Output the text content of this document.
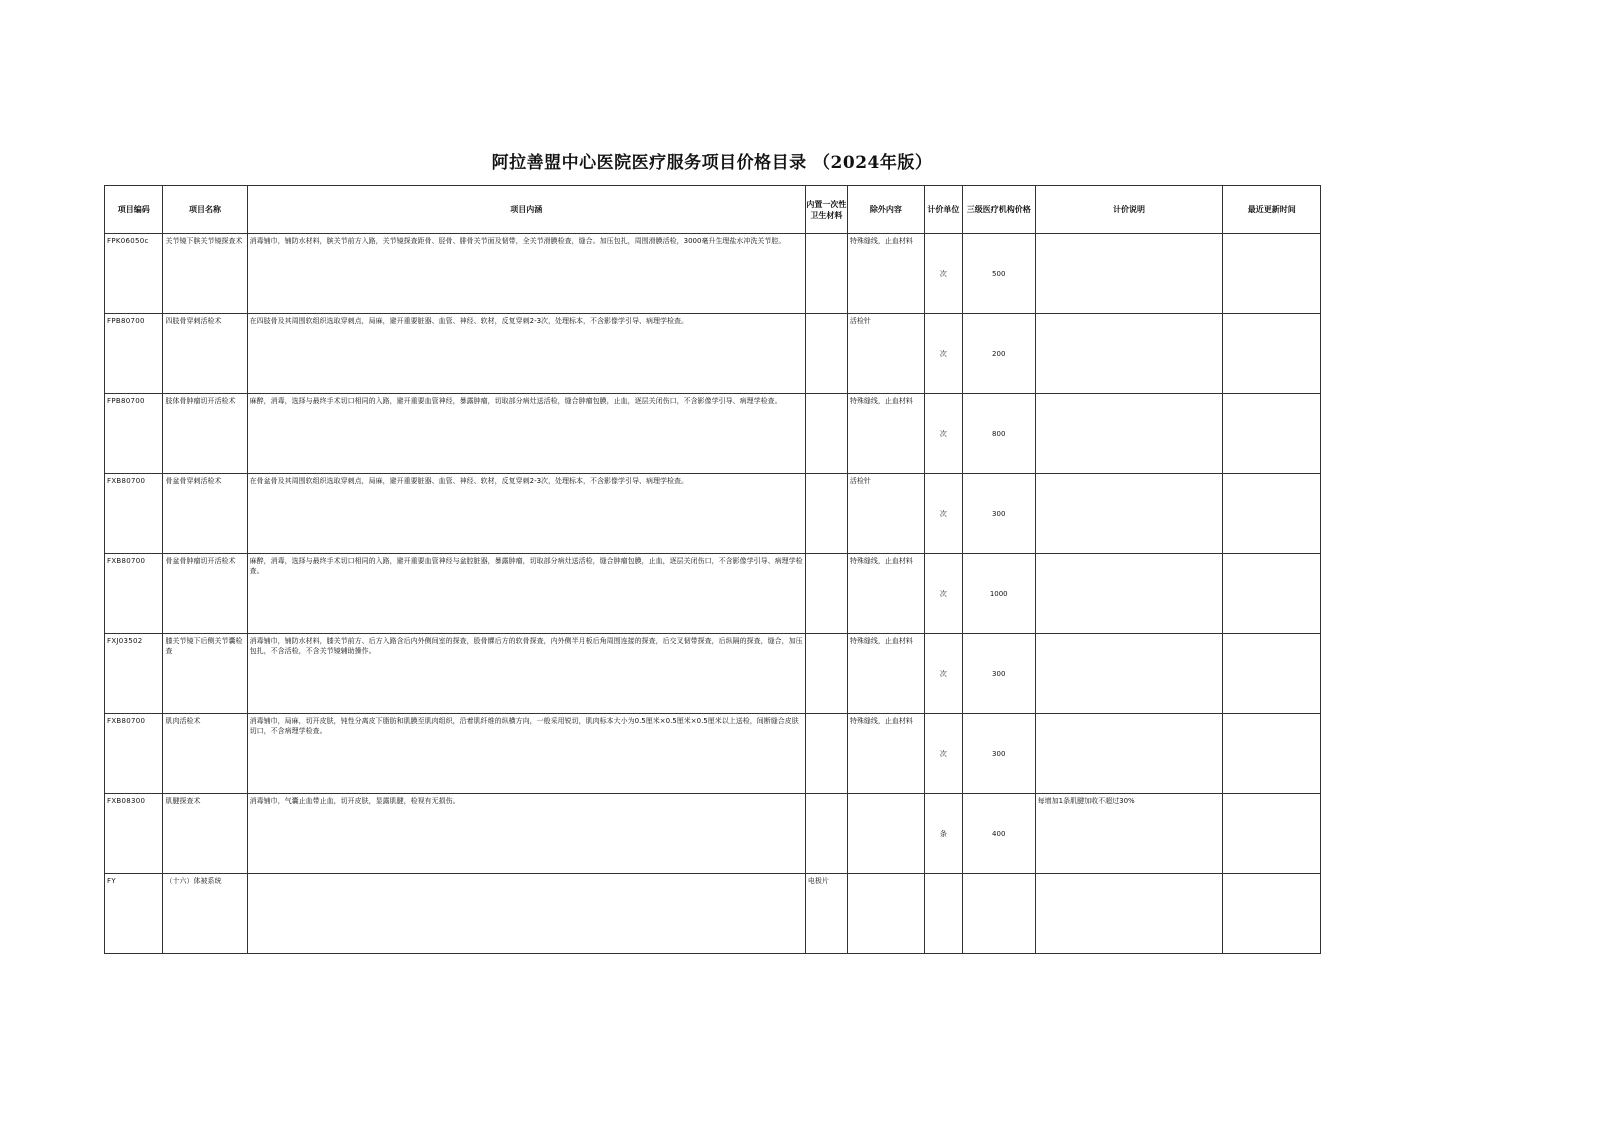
阿拉善盟中心医院医疗服务项目价格目录 （2024年版）
项目编码	项目名称	项目内涵	内置一次性卫生材料	除外内容	计价单位	三级医疗机构价格	计价说明	最近更新时间
FPK06050c	关节镜下膑关节镜探查术	消毒铺巾，铺防水材料，膑关节前方入路，关节镜探查距骨、胫骨、腓骨关节面及韧带，全关节滑膜检查，缝合。加压包扎，周围滑膜活检，3000毫升生理盐水冲洗关节腔。		特殊缝线，止血材料	次	500		
FPB80700	四肢骨穿刺活检术	在四肢骨及其周围软组织选取穿刺点，局麻，避开重要脏器、血管、神经、软材，反复穿刺2-3次，处理标本，不含影像学引导、病理学检查。		活检针	次	200		
FPB80700	肢体骨肿瘤切开活检术	麻醉，消毒，选择与最终手术切口相同的入路，避开重要血管神经，暴露肿瘤，切取部分病灶送活检，缝合肿瘤包膜，止血，逐层关闭伤口，不含影像学引导、病理学检查。		特殊缝线，止血材料	次	800		
FXB80700	骨盆骨穿刺活检术	在骨盆骨及其周围软组织选取穿刺点，局麻，避开重要脏器、血管、神经、软材，反复穿刺2-3次，处理标本，不含影像学引导、病理学检查。		活检针	次	300		
FXB80700	骨盆骨肿瘤切开活检术	麻醉，消毒，选择与最终手术切口相同的入路，避开重要血管神经与盆腔脏器，暴露肿瘤，切取部分病灶送活检，缝合肿瘤包膜，止血，逐层关闭伤口，不含影像学引导、病理学检查。		特殊缝线，止血材料	次	1000		
FXJ03502	膝关节镜下后侧关节囊检查	消毒铺巾，铺防水材料，膝关节前方、后方入路含后内外侧间室的探查，股骨髁后方的软骨探查，内外侧半月板后角周围连接的探查，后交叉韧带探查，后纵隔的探查，缝合，加压包扎，不含活检，不含关节镜辅助操作。		特殊缝线，止血材料	次	300		
FXB80700	肌肉活检术	消毒铺巾，局麻，切开皮肤，钝性分离皮下脂肪和肌膜至肌肉组织，沿着肌纤维的纵横方向，一般采用锐切，肌肉标本大小为0.5厘米×0.5厘米×0.5厘米以上送检，间断缝合皮肤切口，不含病理学检查。		特殊缝线，止血材料	次	300		
FXB08300	肌腱探查术	消毒铺巾，气囊止血带止血，切开皮肤，显露肌腱，检视有无损伤。			条	400	每增加1条肌腱加收不超过30%	
FY	（十六）体被系统		电极片					
